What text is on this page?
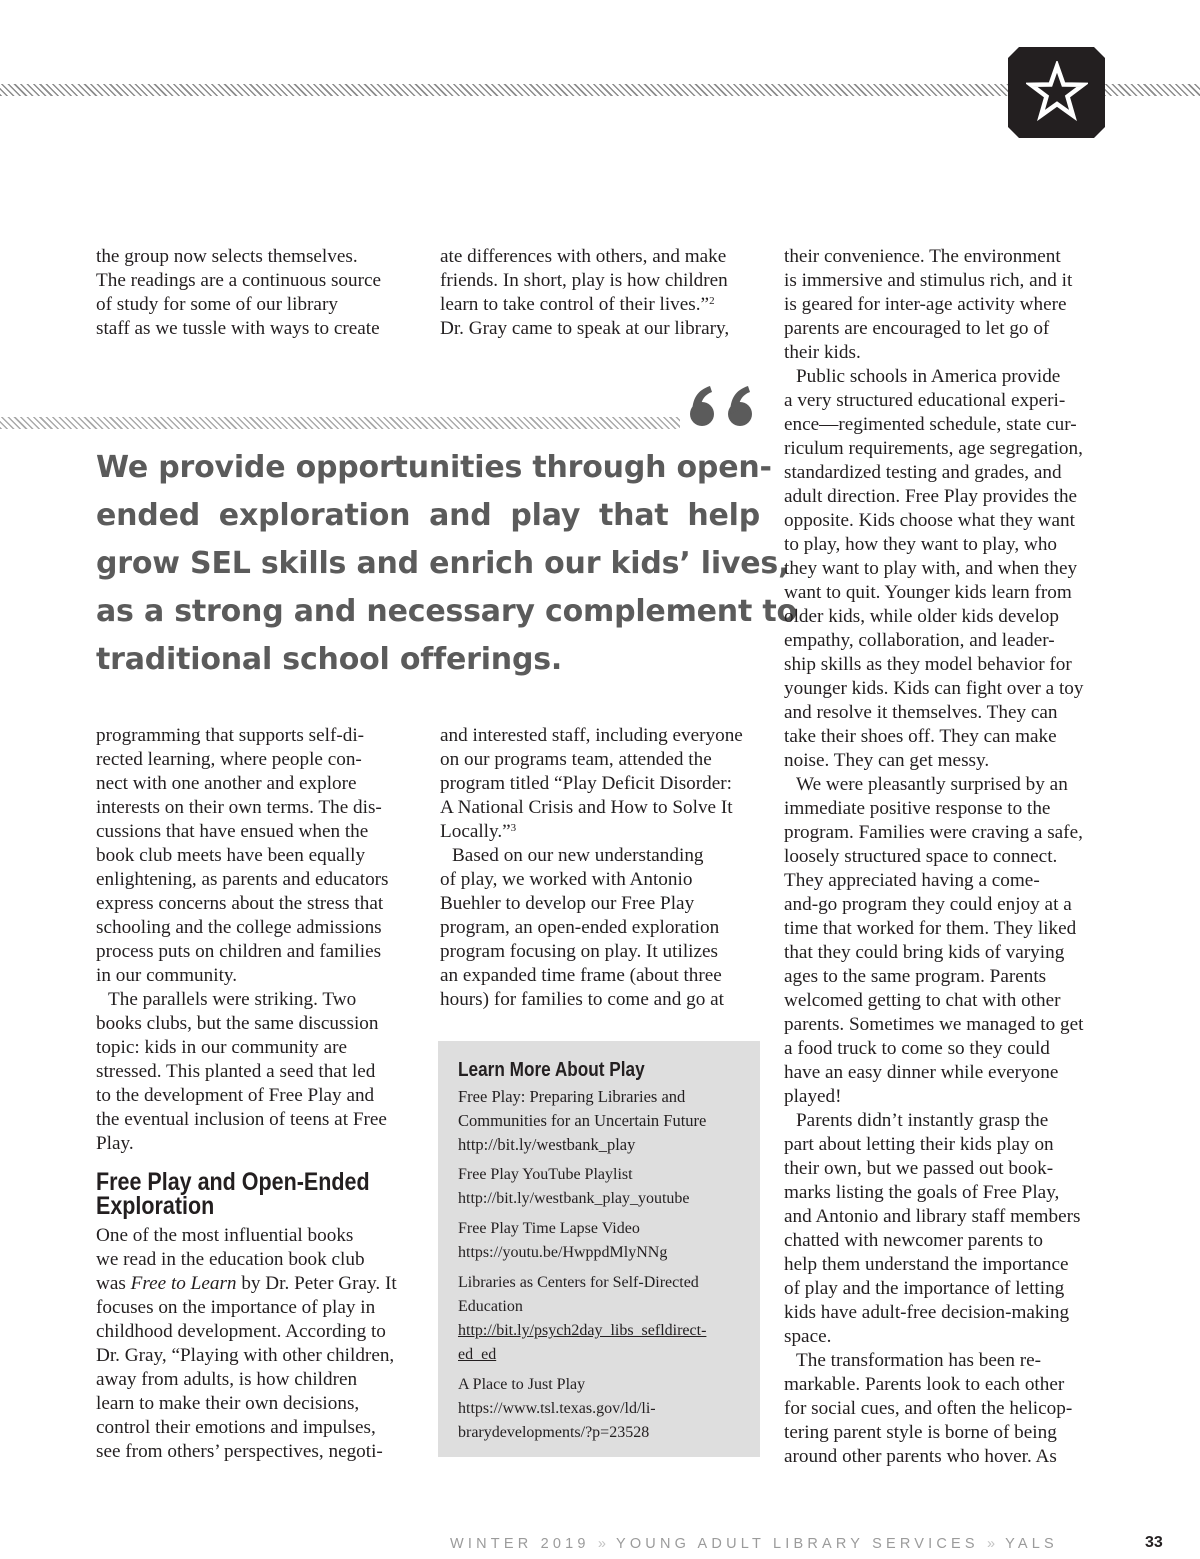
the group now selects themselves.
The readings are a continuous source
of study for some of our library
staff as we tussle with ways to create

ate differences with others, and make
friends. In short, play is how children
learn to take control of their lives.”$^2$
Dr. Gray came to speak at our library,

We provide opportunities through open-
ended exploration and play that help
grow SEL skills and enrich our kids’ lives,
as a strong and necessary complement to
traditional school offerings.

programming that supports self-di-
rected learning, where people con-
nect with one another and explore
interests on their own terms. The dis-
cussions that have ensued when the
book club meets have been equally
enlightening, as parents and educators
express concerns about the stress that
schooling and the college admissions
process puts on children and families
in our community.

The parallels were striking. Two

books clubs, but the same discussion
topic: kids in our community are
stressed. This planted a seed that led
to the development of Free Play and
the eventual inclusion of teens at Free
Play.

Free Play and Open-Ended Exploration

One of the most influential books
we read in the education book club
was Free to Learn by Dr. Peter Gray. It
focuses on the importance of play in
childhood development. According to
Dr. Gray, “Playing with other children,
away from adults, is how children
learn to make their own decisions,
control their emotions and impulses,
see from others’ perspectives, negoti-

and interested staff, including everyone
on our programs team, attended the
program titled “Play Deficit Disorder:
A National Crisis and How to Solve It
Locally.”$^3$

Based on our new understanding

of play, we worked with Antonio
Buehler to develop our Free Play
program, an open-ended exploration
program focusing on play. It utilizes
an expanded time frame (about three
hours) for families to come and go at

Learn More About Play
Free Play: Preparing Libraries and
Communities for an Uncertain Future
http://bit.ly/westbank_play
Free Play YouTube Playlist
http://bit.ly/westbank_play_youtube
Free Play Time Lapse Video
https://youtu.be/HwppdMlyNNg
Libraries as Centers for Self-Directed
Education
http://bit.ly/psych2day_libs_sefldirect-
ed_ed
A Place to Just Play
https://www.tsl.texas.gov/ld/li-
brarydevelopments/?p=23528

their convenience. The environment
is immersive and stimulus rich, and it
is geared for inter-age activity where
parents are encouraged to let go of
their kids.

Public schools in America provide

a very structured educational experi-
ence—regimented schedule, state cur-
riculum requirements, age segregation,
standardized testing and grades, and
adult direction. Free Play provides the
opposite. Kids choose what they want
to play, how they want to play, who
they want to play with, and when they
want to quit. Younger kids learn from
older kids, while older kids develop
empathy, collaboration, and leader-
ship skills as they model behavior for
younger kids. Kids can fight over a toy
and resolve it themselves. They can
take their shoes off. They can make
noise. They can get messy.

We were pleasantly surprised by an

immediate positive response to the
program. Families were craving a safe,
loosely structured space to connect.
They appreciated having a come-
and-go program they could enjoy at a
time that worked for them. They liked
that they could bring kids of varying
ages to the same program. Parents
welcomed getting to chat with other
parents. Sometimes we managed to get
a food truck to come so they could
have an easy dinner while everyone
played!

Parents didn’t instantly grasp the

part about letting their kids play on
their own, but we passed out book-
marks listing the goals of Free Play,
and Antonio and library staff members
chatted with newcomer parents to
help them understand the importance
of play and the importance of letting
kids have adult-free decision-making
space.

The transformation has been re-

markable. Parents look to each other
for social cues, and often the helicop-
tering parent style is borne of being
around other parents who hover. As

WINTER 2019 » YOUNG ADULT LIBRARY SERVICES » YALS	33
